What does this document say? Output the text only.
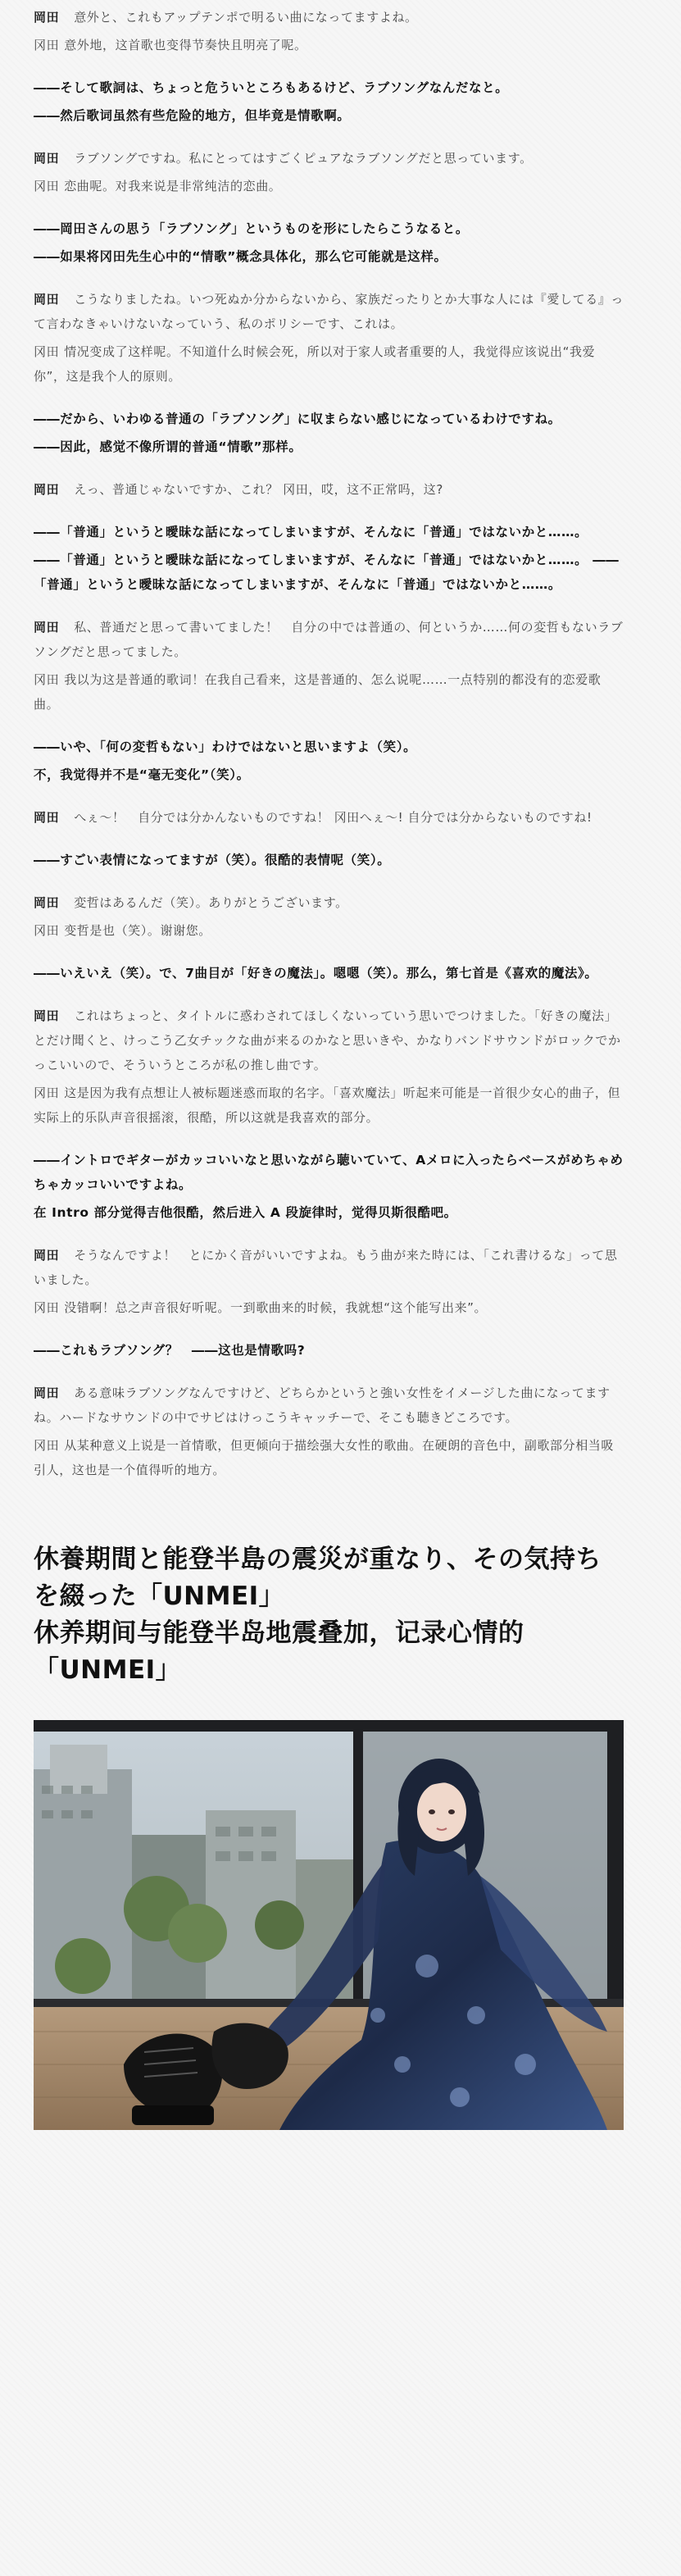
岡田 意外と、これもアップテンポで明るい曲になってますよね。

冈田 意外地，这首歌也变得节奏快且明亮了呢。

――そして歌詞は、ちょっと危ういところもあるけど、ラブソングなんだなと。

――然后歌词虽然有些危险的地方，但毕竟是情歌啊。

岡田 ラブソングですね。私にとってはすごくピュアなラブソングだと思っています。

冈田 恋曲呢。对我来说是非常纯洁的恋曲。

――岡田さんの思う「ラブソング」というものを形にしたらこうなると。

――如果将冈田先生心中的“情歌”概念具体化，那么它可能就是这样。

岡田 こうなりましたね。いつ死ぬか分からないから、家族だったりとか大事な人には『愛してる』って言わなきゃいけないなっていう、私のポリシーです、これは。

冈田 情况变成了这样呢。不知道什么时候会死，所以对于家人或者重要的人，我觉得应该说出“我爱你”，这是我个人的原则。

――だから、いわゆる普通の「ラブソング」に収まらない感じになっているわけですね。

――因此，感觉不像所谓的普通“情歌”那样。

岡田 えっ、普通じゃないですか、これ？ 冈田，哎，这不正常吗，这?

――「普通」というと曖昧な話になってしまいますが、そんなに「普通」ではないかと……。

――「普通」というと曖昧な話になってしまいますが、そんなに「普通」ではないかと……。 ――「普通」というと曖昧な話になってしまいますが、そんなに「普通」ではないかと……。

岡田 私、普通だと思って書いてました！　自分の中では普通の、何というか……何の変哲もないラブソングだと思ってました。

冈田 我以为这是普通的歌词！在我自己看来，这是普通的、怎么说呢……一点特别的都没有的恋爱歌曲。

――いや、「何の変哲もない」わけではないと思いますよ（笑）。

不，我觉得并不是“毫无变化”（笑）。

岡田 へぇ～！　自分では分かんないものですね！ 冈田へぇ～! 自分では分からないものですね!

――すごい表情になってますが（笑）。很酷的表情呢（笑）。

岡田 変哲はあるんだ（笑）。ありがとうございます。

冈田 变哲是也（笑）。谢谢您。

――いえいえ（笑）。で、7曲目が「好きの魔法」。嗯嗯（笑）。那么，第七首是《喜欢的魔法》。

岡田 これはちょっと、タイトルに惑わされてほしくないっていう思いでつけました。「好きの魔法」とだけ聞くと、けっこう乙女チックな曲が来るのかなと思いきや、かなりバンドサウンドがロックでかっこいいので、そういうところが私の推し曲です。

冈田 这是因为我有点想让人被标题迷惑而取的名字。「喜欢魔法」听起来可能是一首很少女心的曲子，但实际上的乐队声音很摇滚，很酷，所以这就是我喜欢的部分。

――イントロでギターがカッコいいなと思いながら聴いていて、Aメロに入ったらベースがめちゃめちゃカッコいいですよね。

在 Intro 部分觉得吉他很酷，然后进入 A 段旋律时，觉得贝斯很酷吧。

岡田 そうなんですよ！　とにかく音がいいですよね。もう曲が来た時には、「これ書けるな」って思いました。

冈田 没错啊！总之声音很好听呢。一到歌曲来的时候，我就想“这个能写出来”。

――これもラブソング？　――这也是情歌吗?

岡田 ある意味ラブソングなんですけど、どちらかというと強い女性をイメージした曲になってますね。ハードなサウンドの中でサビはけっこうキャッチーで、そこも聴きどころです。

冈田 从某种意义上说是一首情歌，但更倾向于描绘强大女性的歌曲。在硬朗的音色中，副歌部分相当吸引人，这也是一个值得听的地方。

休養期間と能登半島の震災が重なり、その気持ちを綴った「UNMEI」

休养期间与能登半岛地震叠加，记录心情的「UNMEI」
